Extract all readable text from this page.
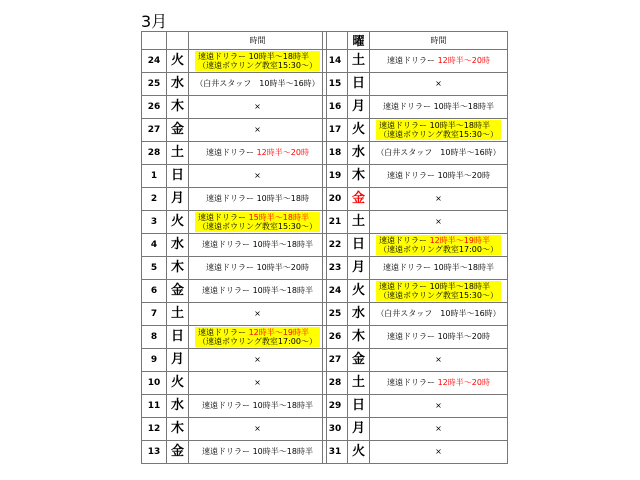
3月
		時間
24	火	速遠ドリラー 10時半～18時半
（速遠ボウリング教室15:30～）

25	水	（白井スタッフ　10時半～16時）
26	木	×
27	金	×
28	土	速遠ドリラー 12時半～20時
1	日	×
2	月	速遠ドリラー 10時半～18時
3	火	速遠ドリラー 15時半～18時半
（速遠ボウリング教室15:30～）

4	水	速遠ドリラー 10時半～18時半
5	木	速遠ドリラー 10時半～20時
6	金	速遠ドリラー 10時半～18時半
7	土	×
8	日	速遠ドリラー 12時半～19時半
（速遠ボウリング教室17:00～）

9	月	×
10	火	×
11	水	速遠ドリラー 10時半～18時半
12	木	×
13	金	速遠ドリラー 10時半～18時半
	曜	時間
14	土	速遠ドリラー 12時半～20時
15	日	×
16	月	速遠ドリラー 10時半～18時半
17	火	速遠ドリラー 10時半～18時半
（速遠ボウリング教室15:30～）

18	水	（白井スタッフ　10時半～16時）
19	木	速遠ドリラー 10時半～20時
20	金	×
21	土	×
22	日	速遠ドリラー 12時半～19時半
（速遠ボウリング教室17:00～）

23	月	速遠ドリラー 10時半～18時半
24	火	速遠ドリラー 10時半～18時半
（速遠ボウリング教室15:30～）

25	水	（白井スタッフ　10時半～16時）
26	木	速遠ドリラー 10時半～20時
27	金	×
28	土	速遠ドリラー 12時半～20時
29	日	×
30	月	×
31	火	×
